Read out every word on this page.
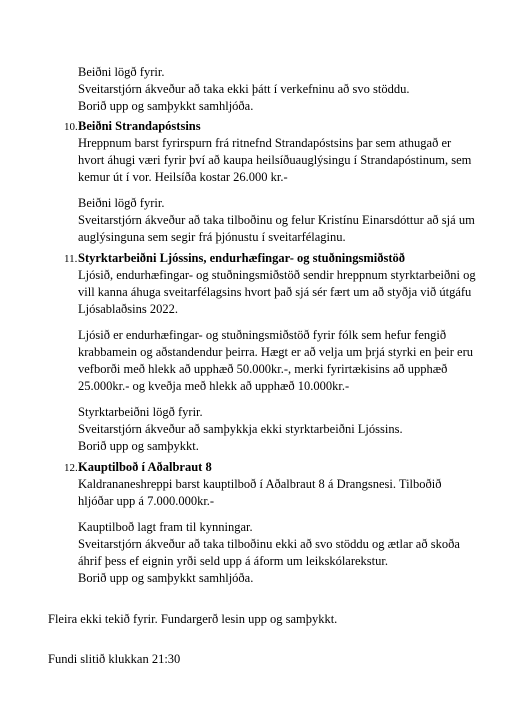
Beiðni lögð fyrir.
Sveitarstjórn ákveður að taka ekki þátt í verkefninu að svo stöddu.
Borið upp og samþykkt samhljóða.
10. Beiðni Strandapóstsins
Hreppnum barst fyrirspurn frá ritnefnd Strandapóstsins þar sem athugað er
hvort áhugi væri fyrir því að kaupa heilsíðuauglýsingu í Strandapóstinum, sem
kemur út í vor. Heilsíða kostar 26.000 kr.-
Beiðni lögð fyrir.
Sveitarstjórn ákveður að taka tilboðinu og felur Kristínu Einarsdóttur að sjá um
auglýsinguna sem segir frá þjónustu í sveitarfélaginu.
11. Styrktarbeiðni Ljóssins, endurhæfingar- og stuðningsmiðstöð
Ljósið, endurhæfingar- og stuðningsmiðstöð sendir hreppnum styrktarbeiðni og
vill kanna áhuga sveitarfélagsins hvort það sjá sér fært um að styðja við útgáfu
Ljósablaðsins 2022.
Ljósið er endurhæfingar- og stuðningsmiðstöð fyrir fólk sem hefur fengið
krabbamein og aðstandendur þeirra. Hægt er að velja um þrjá styrki en þeir eru
vefborði með hlekk að upphæð 50.000kr.-, merki fyrirtækisins að upphæð
25.000kr.- og kveðja með hlekk að upphæð 10.000kr.-
Styrktarbeiðni lögð fyrir.
Sveitarstjórn ákveður að samþykkja ekki styrktarbeiðni Ljóssins.
Borið upp og samþykkt.
12. Kauptilboð í Aðalbraut 8
Kaldrananeshreppi barst kauptilboð í Aðalbraut 8 á Drangsnesi. Tilboðið
hljóðar upp á 7.000.000kr.-
Kauptilboð lagt fram til kynningar.
Sveitarstjórn ákveður að taka tilboðinu ekki að svo stöddu og ætlar að skoða
áhrif þess ef eignin yrði seld upp á áform um leikskólarekstur.
Borið upp og samþykkt samhljóða.
Fleira ekki tekið fyrir. Fundargerð lesin upp og samþykkt.
Fundi slitið klukkan 21:30
